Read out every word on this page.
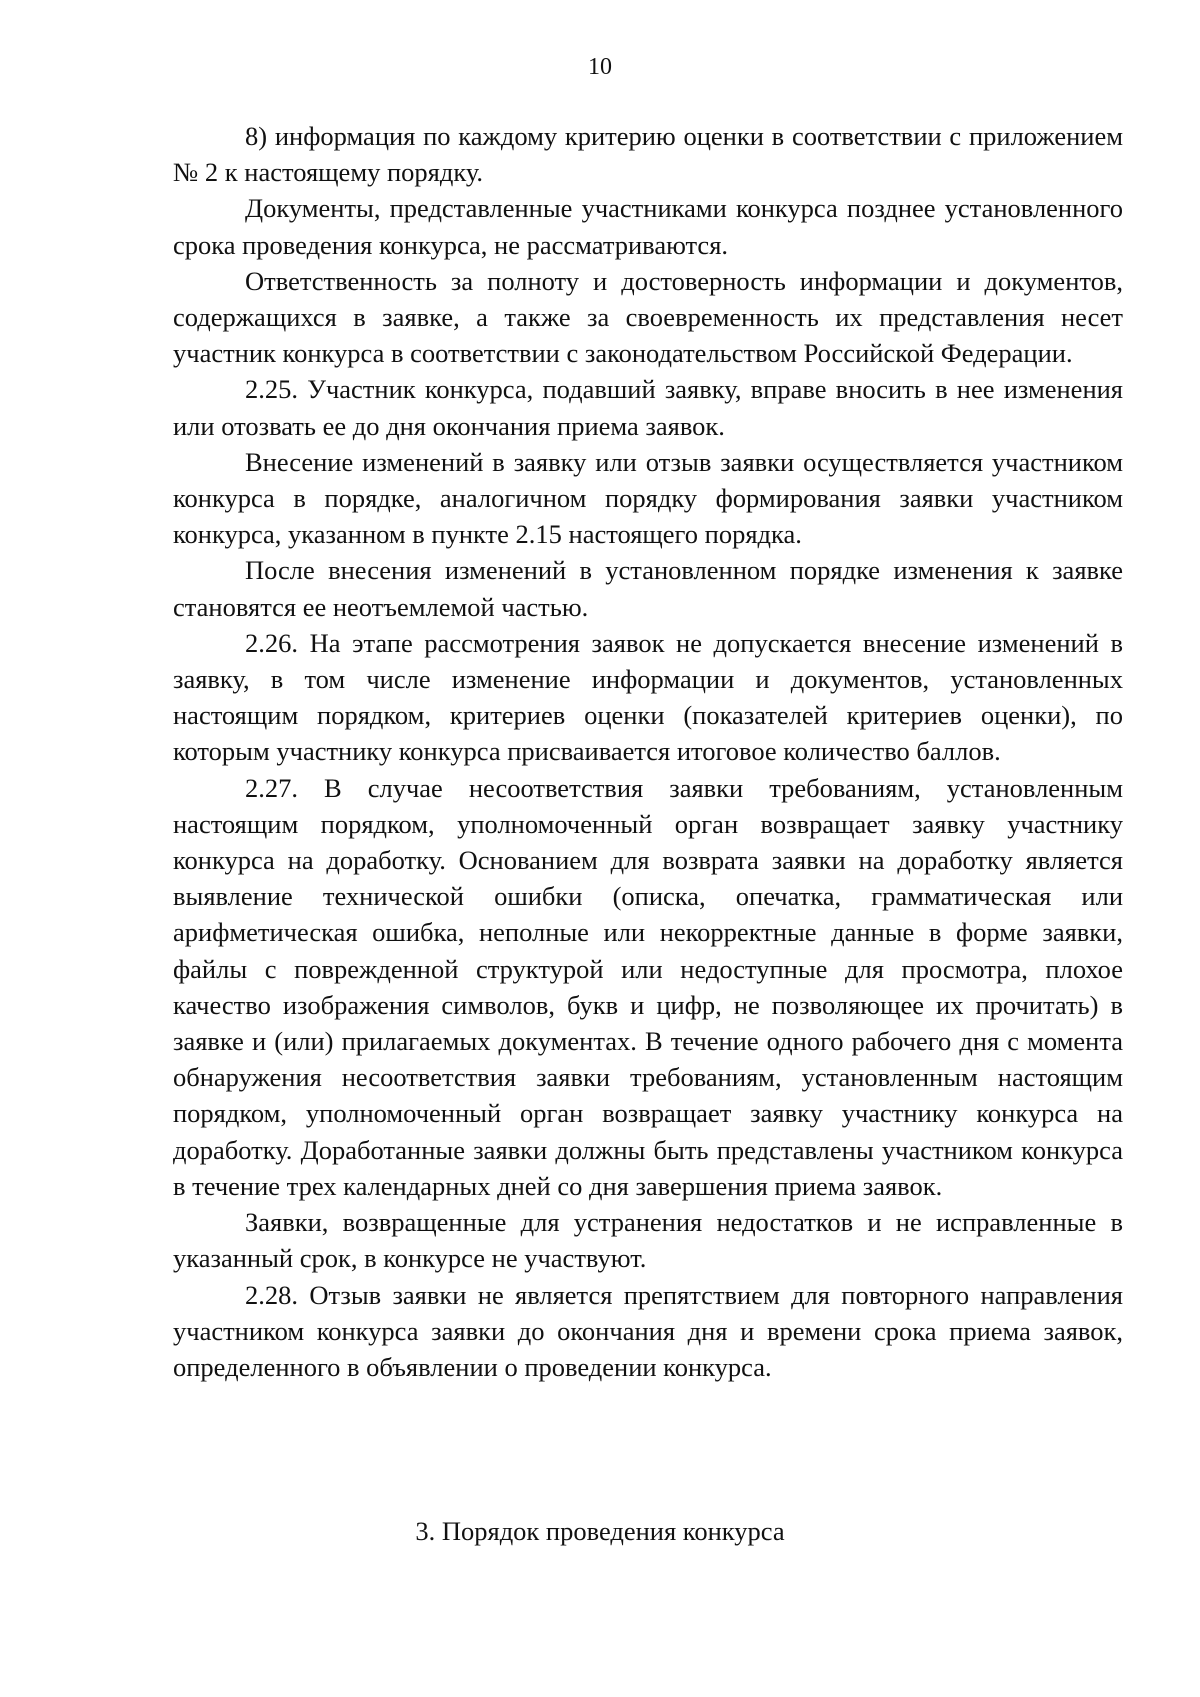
10

8) информация по каждому критерию оценки в соответствии с приложением № 2 к настоящему порядку.

Документы, представленные участниками конкурса позднее установленного срока проведения конкурса, не рассматриваются.

Ответственность за полноту и достоверность информации и документов, содержащихся в заявке, а также за своевременность их представления несет участник конкурса в соответствии с законодательством Российской Федерации.

2.25. Участник конкурса, подавший заявку, вправе вносить в нее изменения или отозвать ее до дня окончания приема заявок.

Внесение изменений в заявку или отзыв заявки осуществляется участником конкурса в порядке, аналогичном порядку формирования заявки участником конкурса, указанном в пункте 2.15 настоящего порядка.

После внесения изменений в установленном порядке изменения к заявке становятся ее неотъемлемой частью.

2.26. На этапе рассмотрения заявок не допускается внесение изменений в заявку, в том числе изменение информации и документов, установленных настоящим порядком, критериев оценки (показателей критериев оценки), по которым участнику конкурса присваивается итоговое количество баллов.

2.27. В случае несоответствия заявки требованиям, установленным настоящим порядком, уполномоченный орган возвращает заявку участнику конкурса на доработку. Основанием для возврата заявки на доработку является выявление технической ошибки (описка, опечатка, грамматическая или арифметическая ошибка, неполные или некорректные данные в форме заявки, файлы с поврежденной структурой или недоступные для просмотра, плохое качество изображения символов, букв и цифр, не позволяющее их прочитать) в заявке и (или) прилагаемых документах. В течение одного рабочего дня с момента обнаружения несоответствия заявки требованиям, установленным настоящим порядком, уполномоченный орган возвращает заявку участнику конкурса на доработку. Доработанные заявки должны быть представлены участником конкурса в течение трех календарных дней со дня завершения приема заявок.

Заявки, возвращенные для устранения недостатков и не исправленные в указанный срок, в конкурсе не участвуют.

2.28. Отзыв заявки не является препятствием для повторного направления участником конкурса заявки до окончания дня и времени срока приема заявок, определенного в объявлении о проведении конкурса.

3. Порядок проведения конкурса
